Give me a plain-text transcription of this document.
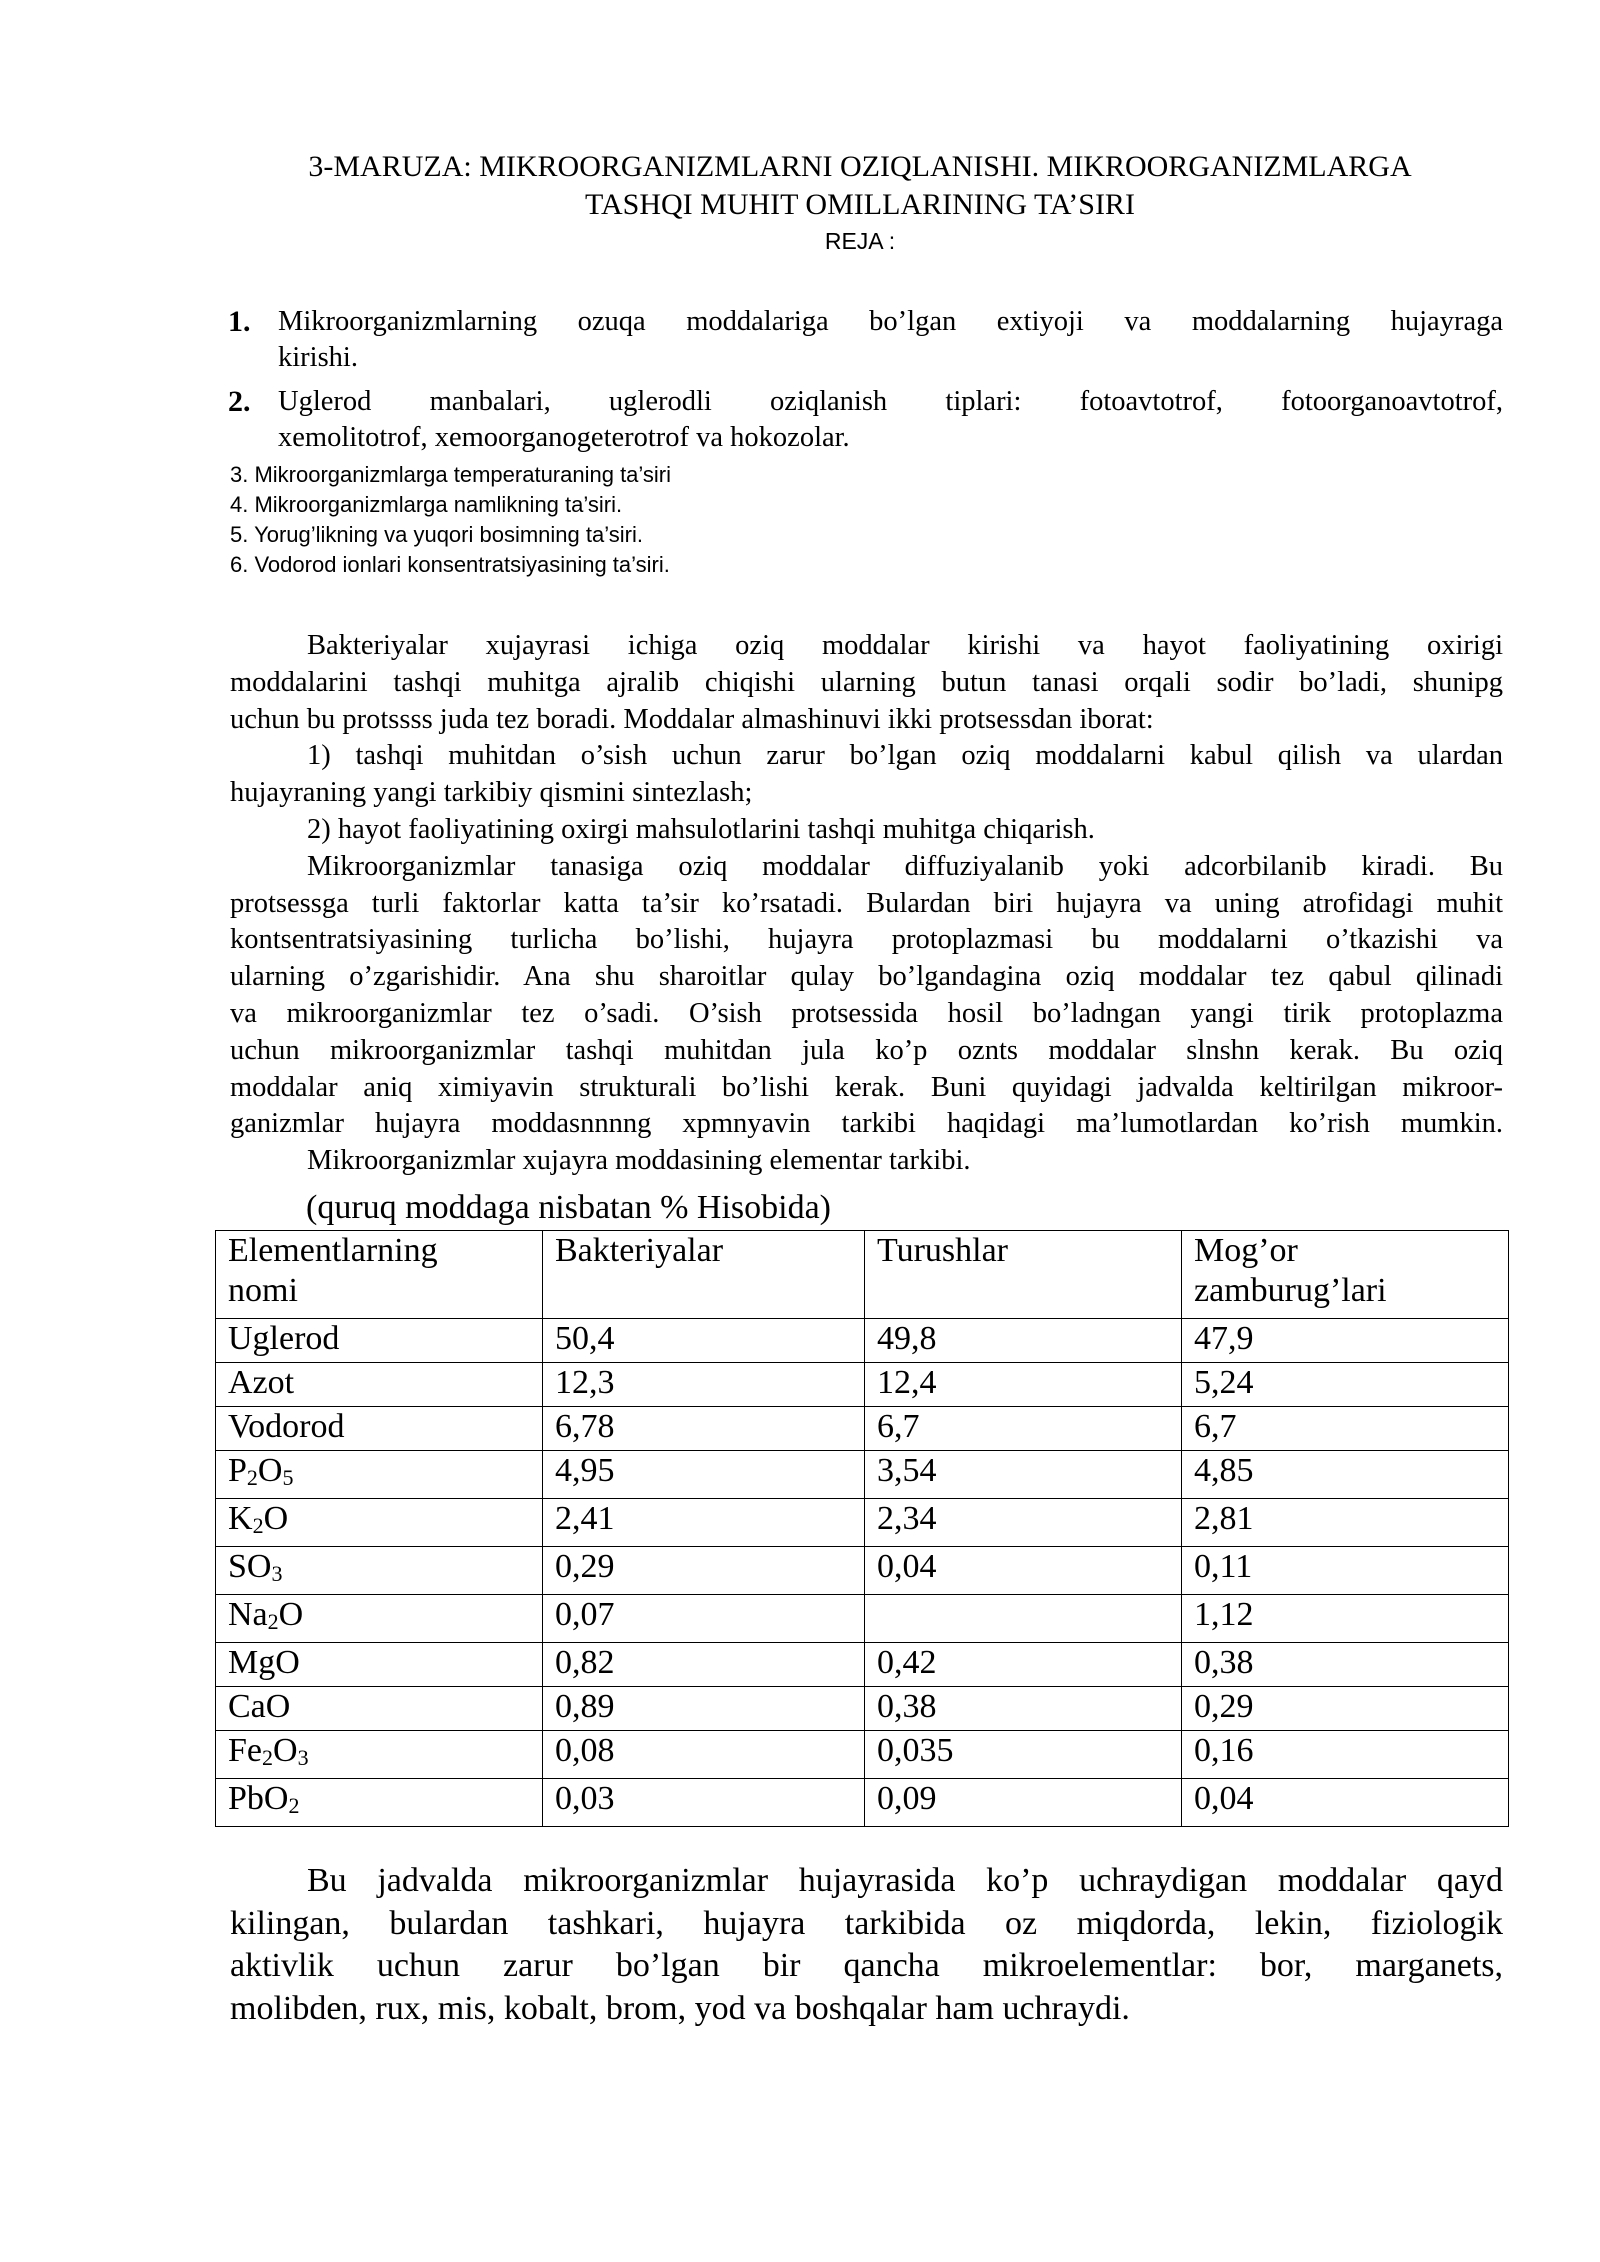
3-MARUZA: MIKROORGANIZMLARNI OZIQLANISHI. MIKROORGANIZMLARGA
TASHQI MUHIT OMILLARINING TA’SIRI
REJA :
1. Mikroorganizmlarning ozuqa moddalariga bo’lgan extiyoji va moddalarning hujayraga
kirishi.
2. Uglerod manbalari, uglerodli oziqlanish tiplari: fotoavtotrof, fotoorganoavtotrof,
xemolitotrof, xemoorganogeterotrof va hokozolar.
3. Mikroorganizmlarga temperaturaning ta’siri
4. Mikroorganizmlarga namlikning ta’siri.
5. Yorug’likning va yuqori bosimning ta’siri.
6. Vodorod ionlari konsentratsiyasining ta’siri.
Bakteriyalar xujayrasi ichiga oziq moddalar kirishi va hayot faoliyatining oxirigi
moddalarini tashqi muhitga ajralib chiqishi ularning butun tanasi orqali sodir bo’ladi, shunipg
uchun bu protssss juda tez boradi. Moddalar almashinuvi ikki protsessdan iborat:
1) tashqi muhitdan o’sish uchun zarur bo’lgan oziq moddalarni kabul qilish va ulardan
hujayraning yangi tarkibiy qismini sintezlash;
2) hayot faoliyatining oxirgi mahsulotlarini tashqi muhitga chiqarish.
Mikroorganizmlar tanasiga oziq moddalar diffuziyalanib yoki adcorbilanib kiradi. Bu
protsessga turli faktorlar katta ta’sir ko’rsatadi. Bulardan biri hujayra va uning atrofidagi muhit
kontsentratsiyasining turlicha bo’lishi, hujayra protoplazmasi bu moddalarni o’tkazishi va
ularning o’zgarishidir. Ana shu sharoitlar qulay bo’lgandagina oziq moddalar tez qabul qilinadi
va mikroorganizmlar tez o’sadi. O’sish protsessida hosil bo’ladngan yangi tirik protoplazma
uchun mikroorganizmlar tashqi muhitdan jula ko’p oznts moddalar slnshn kerak. Bu oziq
moddalar aniq ximiyavin strukturali bo’lishi kerak. Buni quyidagi jadvalda keltirilgan mikroor-
ganizmlar hujayra moddasnnnng xpmnyavin tarkibi haqidagi ma’lumotlardan ko’rish mumkin.
Mikroorganizmlar xujayra moddasining elementar tarkibi.
(quruq moddaga nisbatan % Hisobida)
Elementlarning
nomi	Bakteriyalar	Turushlar	Mog’or
zamburug’lari
Uglerod	50,4	49,8	47,9
Azot	12,3	12,4	5,24
Vodorod	6,78	6,7	6,7
P2O5	4,95	3,54	4,85
K2O	2,41	2,34	2,81
SO3	0,29	0,04	0,11
Na2O	0,07		1,12
MgO	0,82	0,42	0,38
CaO	0,89	0,38	0,29
Fe2O3	0,08	0,035	0,16
PbO2	0,03	0,09	0,04
Bu jadvalda mikroorganizmlar hujayrasida ko’p uchraydigan moddalar qayd
kilingan, bulardan tashkari, hujayra tarkibida oz miqdorda, lekin, fiziologik
aktivlik uchun zarur bo’lgan bir qancha mikroelementlar: bor, marganets,
molibden, rux, mis, kobalt, brom, yod va boshqalar ham uchraydi.
